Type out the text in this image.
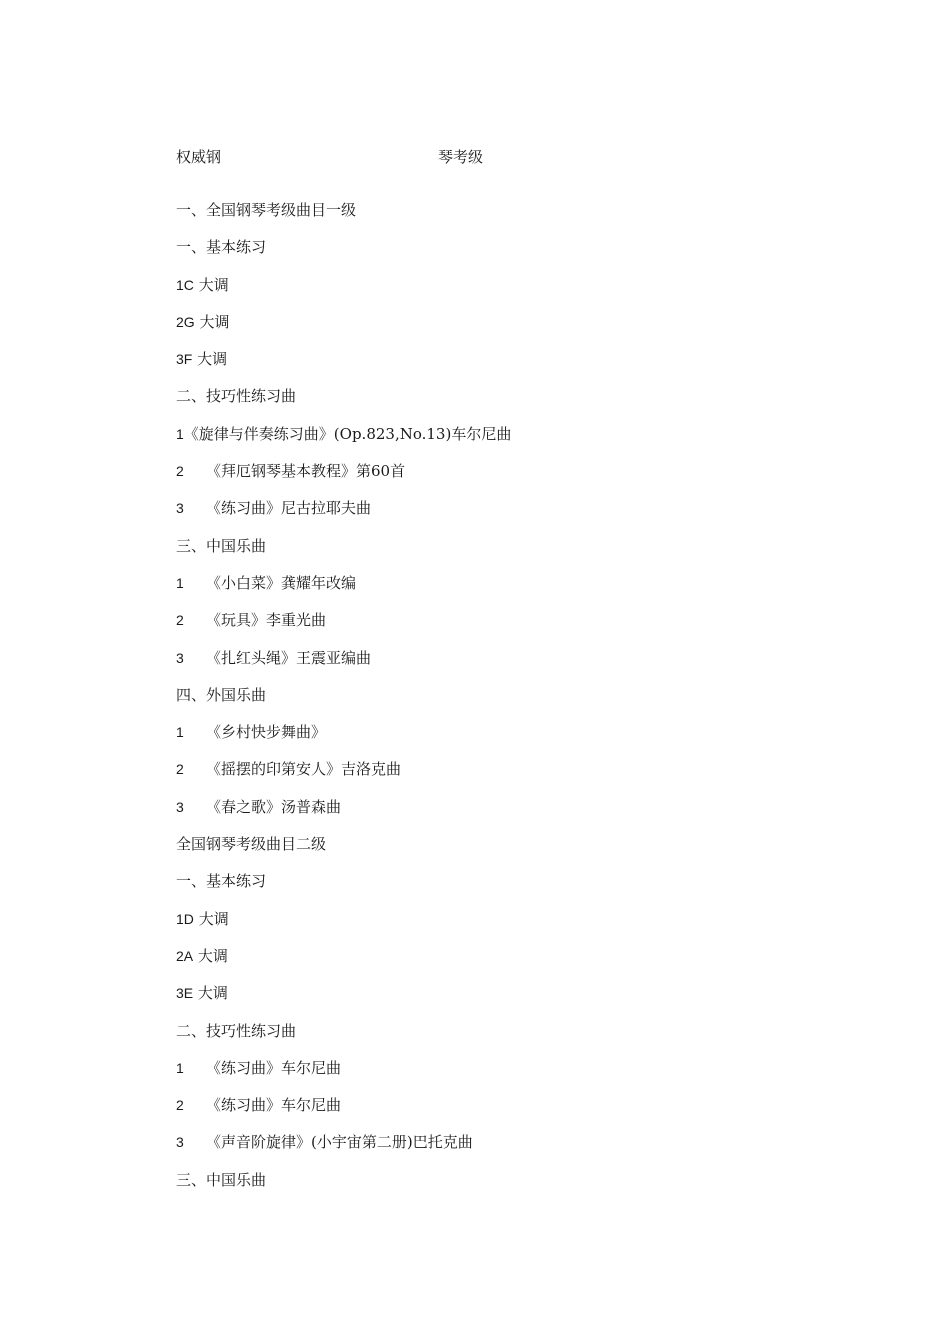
权威钢	琴考级
一、全国钢琴考级曲目一级
一、基本练习
1C 大调
2G 大调
3F 大调
二、技巧性练习曲
1《旋律与伴奏练习曲》(Op.823,No.13)车尔尼曲
2 《拜厄钢琴基本教程》第60首
3 《练习曲》尼古拉耶夫曲
三、中国乐曲
1 《小白菜》龚耀年改编
2 《玩具》李重光曲
3 《扎红头绳》王震亚编曲
四、外国乐曲
1 《乡村快步舞曲》
2 《摇摆的印第安人》吉洛克曲
3 《春之歌》汤普森曲
全国钢琴考级曲目二级
一、基本练习
1D 大调
2A 大调
3E 大调
二、技巧性练习曲
1 《练习曲》车尔尼曲
2 《练习曲》车尔尼曲
3 《声音阶旋律》(小宇宙第二册)巴托克曲
三、中国乐曲
